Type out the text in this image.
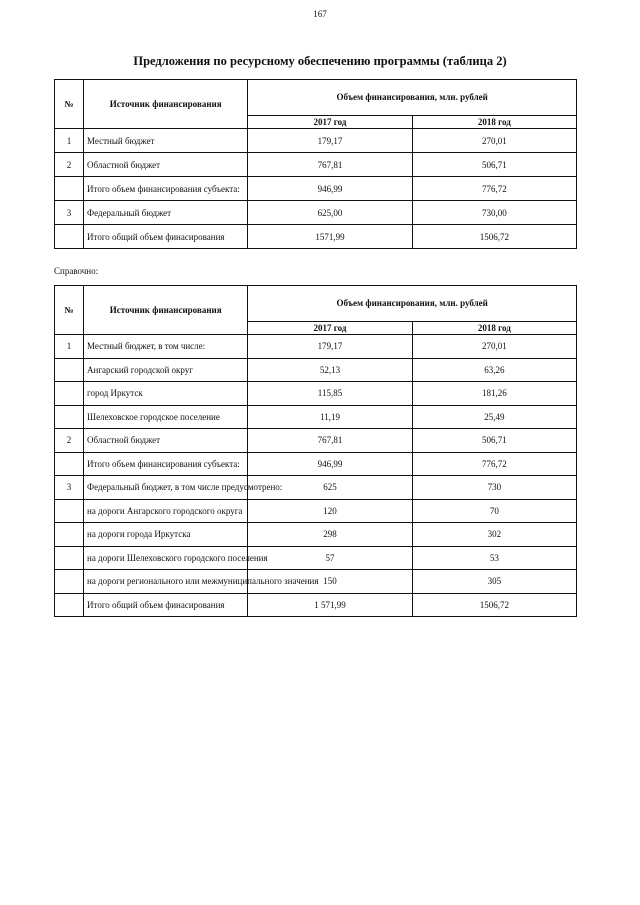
167
Предложения по ресурсному обеспечению программы (таблица 2)
№	Источник финансирования	Объем финансирования, млн. рублей	
		2017 год	2018 год
1	Местный бюджет	179,17	270,01
2	Областной бюджет	767,81	506,71
	Итого объем финансирования субъекта:	946,99	776,72
3	Федеральный бюджет	625,00	730,00
	Итого общий объем финасирования	1571,99	1506,72
Справочно:
№	Источник финансирования	Объем финансирования, млн. рублей	
		2017 год	2018 год
1	Местный бюджет, в том числе:	179,17	270,01
	Ангарский городской округ	52,13	63,26
	город Иркутск	115,85	181,26
	Шелеховское городское поселение	11,19	25,49
2	Областной бюджет	767,81	506,71
	Итого объем финансирования субъекта:	946,99	776,72
3	Федеральный бюджет, в том числе предусмотрено:	625	730
	на дороги Ангарского городского округа	120	70
	на дороги города Иркутска	298	302
	на дороги Шелеховского городского поселения	57	53
	на дороги регионального или межмуниципального значения	150	305
	Итого общий объем финасирования	1 571,99	1506,72
